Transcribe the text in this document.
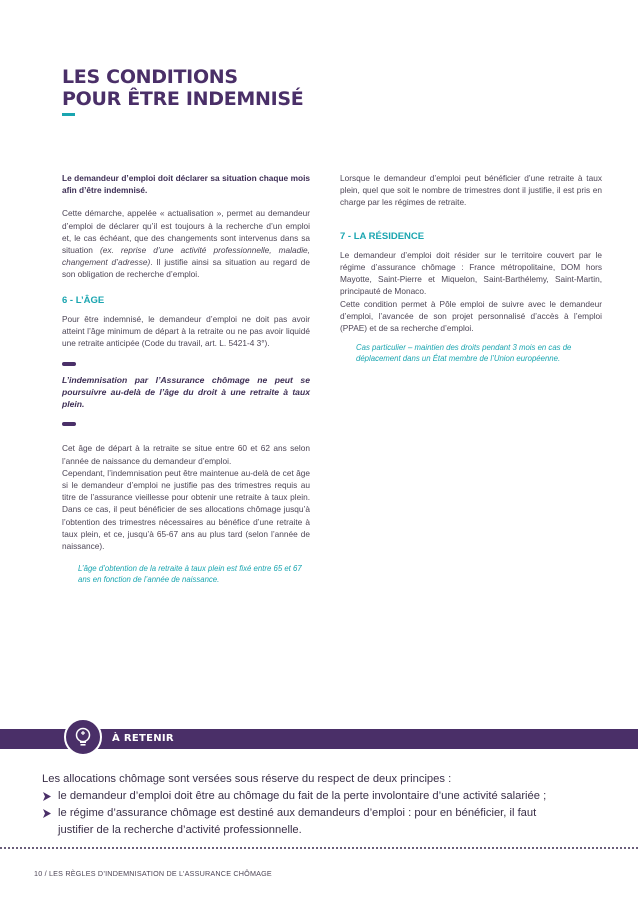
LES CONDITIONS
POUR ÊTRE INDEMNISÉ

Le demandeur d’emploi doit déclarer sa situation chaque mois afin d’être indemnisé.

Cette démarche, appelée « actualisation », permet au demandeur d’emploi de déclarer qu’il est toujours à la recherche d’un emploi et, le cas échéant, que des changements sont intervenus dans sa situation (ex. reprise d’une activité professionnelle, maladie, changement d’adresse). Il justifie ainsi sa situation au regard de son obligation de recherche d’emploi.

6 - L’ÂGE

Pour être indemnisé, le demandeur d’emploi ne doit pas avoir atteint l’âge minimum de départ à la retraite ou ne pas avoir liquidé une retraite anticipée (Code du travail, art. L. 5421-4 3°).

L’indemnisation par l’Assurance chômage ne peut se poursuivre au-delà de l’âge du droit à une retraite à taux plein.

Cet âge de départ à la retraite se situe entre 60 et 62 ans selon l’année de naissance du demandeur d’emploi.

Cependant, l’indemnisation peut être maintenue au-delà de cet âge si le demandeur d’emploi ne justifie pas des trimestres requis au titre de l’assurance vieillesse pour obtenir une retraite à taux plein. Dans ce cas, il peut bénéficier de ses allocations chômage jusqu’à l’obtention des trimestres nécessaires au bénéfice d’une retraite à taux plein, et ce, jusqu’à 65-67 ans au plus tard (selon l’année de naissance).

L’âge d’obtention de la retraite à taux plein est fixé entre 65 et 67 ans en fonction de l’année de naissance.

Lorsque le demandeur d’emploi peut bénéficier d’une retraite à taux plein, quel que soit le nombre de trimestres dont il justifie, il est pris en charge par les régimes de retraite.

7 - LA RÉSIDENCE

Le demandeur d’emploi doit résider sur le territoire couvert par le régime d’assurance chômage : France métropolitaine, DOM hors Mayotte, Saint-Pierre et Miquelon, Saint-Barthélemy, Saint-Martin, principauté de Monaco.

Cette condition permet à Pôle emploi de suivre avec le demandeur d’emploi, l’avancée de son projet personnalisé d’accès à l’emploi (PPAE) et de sa recherche d’emploi.

Cas particulier – maintien des droits pendant 3 mois en cas de déplacement dans un État membre de l’Union européenne.
À RETENIR
Les allocations chômage sont versées sous réserve du respect de deux principes :
le demandeur d’emploi doit être au chômage du fait de la perte involontaire d’une activité salariée ;
le régime d’assurance chômage est destiné aux demandeurs d’emploi : pour en bénéficier, il faut
justifier de la recherche d’activité professionnelle.
10 / LES RÈGLES D’INDEMNISATION DE L’ASSURANCE CHÔMAGE
